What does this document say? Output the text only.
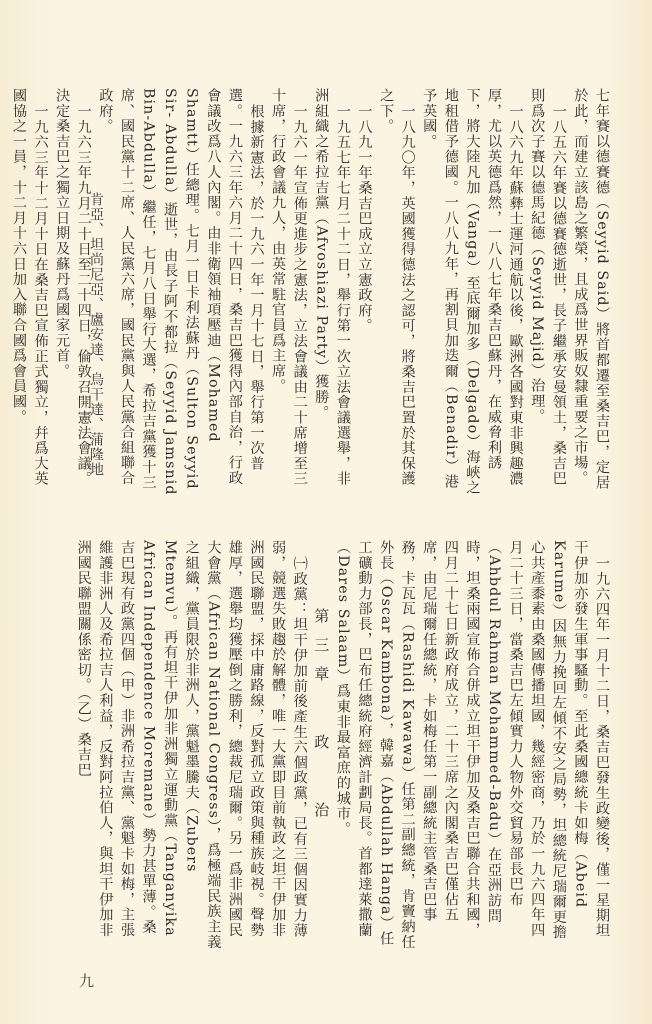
七年賽以德賽德（Seyyid Said）將首都遷至桑吉巴，定居於此，而建立該島之繁榮，且成爲世界販奴隸重要之市場。

一八五六年賽以德賽德逝世，長子繼承安曼領土，桑吉巴則爲次子賽以德馬紀德（Seyyid Majid）治理。

一八六九年蘇彝士運河通航以後，歐洲各國對東非興趣濃厚，尤以英德爲然，一八八七年桑吉巴蘇丹，在威脅利誘下，將大陸凡加（Vanga）至底爾加多（Delgado）海峽之地租借予德國。一八八九年，再割貝加迭爾（Benadir）港予英國。

一八九〇年，英國獲得德法之認可，將桑吉巴置於其保護之下。

一八九一年桑吉巴成立立憲政府。

一九五七年七月二十二日，舉行第一次立法會議選舉，非洲組織之希拉吉黨（Afvoshiazi Party）獲勝。

一九六一年宣佈更進步之憲法，立法會議由二十席增至三十席，行政會議九人，由英常駐官員爲主席。

根據新憲法，於一九六一年一月十七日，舉行第一次普選。一九六三年六月二十四日，桑吉巴獲得內部自治，行政會議改爲八人內閣。由非衛領袖項壓迪（Mohamed Shamtt）任總理。七月一日卡利法蘇丹（Sulton Seyyid Sir- Abdulla）逝世，由長子阿不都拉（Seyyid Jamsnid Bin-Abdulla）繼任，七月八日舉行大選，希拉吉黨獲十三席、國民黨十二席、人民黨六席，國民黨與人民黨合組聯合政府。

一九六三年九月二十日至二十四日，倫敦召開憲法會議。決定桑吉巴之獨立日期及蘇丹爲國家元首。

一九六三年十二月十日在桑吉巴宣佈正式獨立，幷爲大英國協之一員，十二月十六日加入聯合國爲會員國。

一九六四年一月十二日，桑吉巴發生政變後，僅一星期坦干伊加亦發生軍事騷動。至此桑國總統卡如梅（Abeid Karume）因無力挽回左傾不安之局勢，坦總統尼瑞爾更擔心共產黍素由桑國傳播坦國，幾經密商，乃於一九六四年四月二十三日，當桑吉巴左傾實力人物外交貿易部長巴布（Ahbdul Rahman Mohammed-Badu）在亞洲訪問時，坦桑兩國宣佈合併成立坦干伊加及桑吉巴聯合共和國，四月二十七日新政府成立，二十三席之內閣桑吉巴僅佔五席，由尼瑞爾任總統，卡如梅任第一副總統主管桑吉巴事務，卡瓦瓦（Rashidi Kawawa）任第二副總統，肯竇納任外長（Oscar Kambona），韓嘉（Abdullah Hanga）任工礦動力部長，巴布任總統府經濟計劃局長。首都達萊撒蘭（Dares Salaam）爲東非最富庶的城市。

第三章政治

㈠政黨：坦干伊加前後產生六個政黨，已有三個因實力薄弱，競選失敗趨於解體，唯一大黨即目前執政之坦干伊加非洲國民聯盟，採中庸路線，反對孤立政策與種族岐視。聲勢雄厚，選舉均獲壓倒之勝利，總裁尼瑞爾。另一爲非洲國民大會黨（African National Congress），爲極端民族主義之組織，黨員限於非洲人，黨魁墨騰夫（Zubers Mtemvu）。再有坦干伊加非洲獨立運動黨（Tanganyika African Independence Moremane）勢力甚單薄。桑吉巴現有政黨四個（甲）非洲希拉吉黨、黨魁卡如梅，主張維護非洲人及希拉吉人利益，反對阿拉伯人，與坦干伊加非洲國民聯盟關係密切。（乙）桑吉巴

肯亞、坦尚尼亞、盧安達、烏干達、蒲隆地
九
